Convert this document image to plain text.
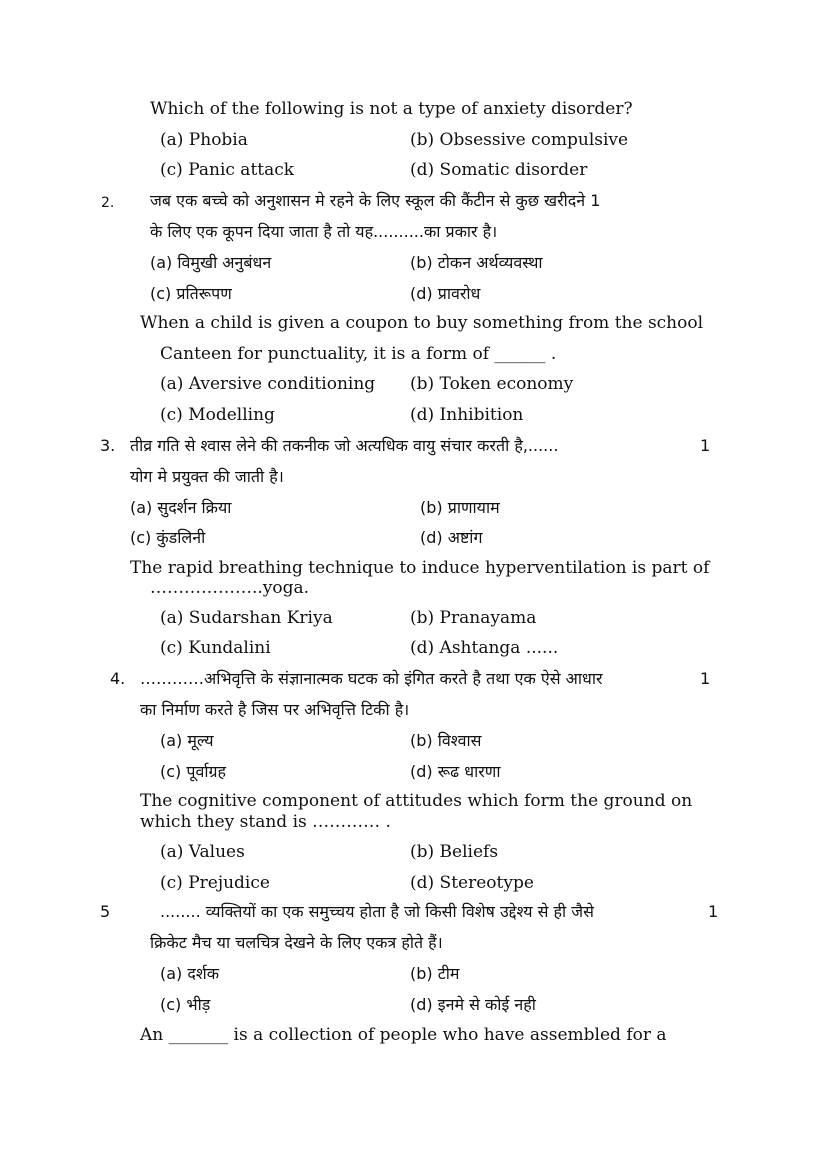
Which of the following is not a type of anxiety disorder?
(a) Phobia	(b) Obsessive compulsive
(c) Panic attack	(d) Somatic disorder
2. जब एक बच्चे को अनुशासन मे रहने के लिए स्कूल की कैंटीन से कुछ खरीदने 1
के लिए एक कूपन दिया जाता है तो यह..........का प्रकार है।
(a) विमुखी अनुबंधन	(b) टोकन अर्थव्यवस्था
(c) प्रतिरूपण	(d) प्रावरोध
When a child is given a coupon to buy something from the school
Canteen for punctuality, it is a form of ______ .
(a) Aversive conditioning (b) Token economy
(c) Modelling	(d) Inhibition
3. तीव्र गति से श्वास लेने की तकनीक जो अत्यधिक वायु संचार करती है,......	1
योग मे प्रयुक्त की जाती है।
(a) सुदर्शन क्रिया	(b) प्राणायाम
(c) कुंडलिनी	(d) अष्टांग
The rapid breathing technique to induce hyperventilation is part of
………………..yoga.
(a) Sudarshan Kriya	(b) Pranayama
(c) Kundalini	(d) Ashtanga ......
4. …………अभिवृत्ति के संज्ञानात्मक घटक को इंगित करते है तथा एक ऐसे आधार	1
का निर्माण करते है जिस पर अभिवृत्ति टिकी है।
(a) मूल्य	(b) विश्वास
(c) पूर्वाग्रह	(d) रूढ धारणा
The cognitive component of attitudes which form the ground on
which they stand is ………… .
(a) Values	(b) Beliefs
(c) Prejudice	(d) Stereotype
5	........ व्यक्तियों का एक समुच्चय होता है जो किसी विशेष उद्देश्य से ही जैसे	1
क्रिकेट मैच या चलचित्र देखने के लिए एकत्र होते हैं।
(a) दर्शक	(b) टीम
(c) भीड़	(d) इनमे से कोई नही
An _______ is a collection of people who have assembled for a
